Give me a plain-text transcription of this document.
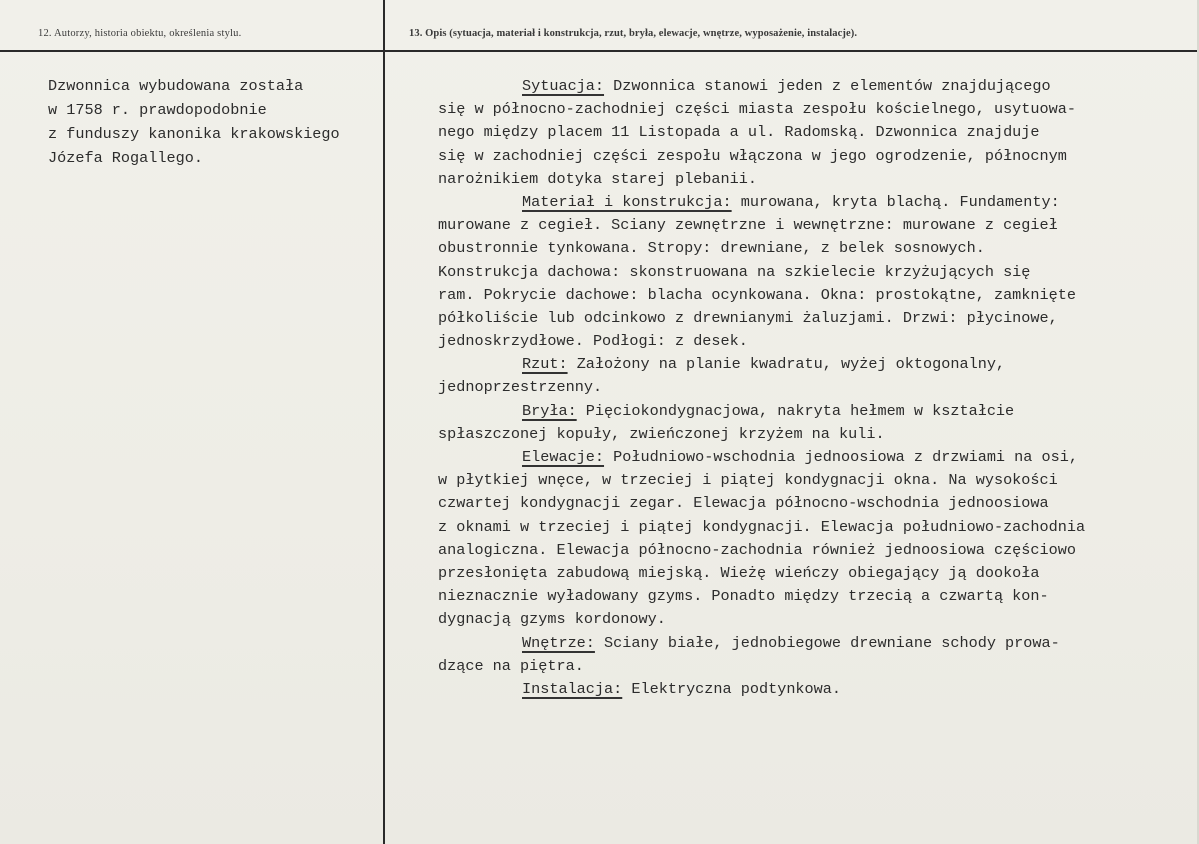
12. Autorzy, historia obiektu, określenia stylu.	13. Opis (sytuacja, materiał i konstrukcja, rzut, bryła, elewacje, wnętrze, wyposażenie, instalacje).
Dzwonnica wybudowana została
w 1758 r. prawdopodobnie
z funduszy kanonika krakowskiego
Józefa Rogallego.
Sytuacja: Dzwonnica stanowi jeden z elementów znajdującego
się w północno-zachodniej części miasta zespołu kościelnego, usytuowa-
nego między placem 11 Listopada a ul. Radomską. Dzwonnica znajduje
się w zachodniej części zespołu włączona w jego ogrodzenie, północnym
narożnikiem dotyka starej plebanii.
Materiał i konstrukcja: murowana, kryta blachą. Fundamenty:
murowane z cegieł. Sciany zewnętrzne i wewnętrzne: murowane z cegieł
obustronnie tynkowana. Stropy: drewniane, z belek sosnowych.
Konstrukcja dachowa: skonstruowana na szkielecie krzyżujących się
ram. Pokrycie dachowe: blacha ocynkowana. Okna: prostokątne, zamknięte
półkoliście lub odcinkowo z drewnianymi żaluzjami. Drzwi: płycinowe,
jednoskrzydłowe. Podłogi: z desek.
Rzut: Założony na planie kwadratu, wyżej oktogonalny,
jednoprzestrzenny.
Bryła: Pięciokondygnacjowa, nakryta hełmem w kształcie
spłaszczonej kopuły, zwieńczonej krzyżem na kuli.
Elewacje: Południowo-wschodnia jednoosiowa z drzwiami na osi,
w płytkiej wnęce, w trzeciej i piątej kondygnacji okna. Na wysokości
czwartej kondygnacji zegar. Elewacja północno-wschodnia jednoosiowa
z oknami w trzeciej i piątej kondygnacji. Elewacja południowo-zachodnia
analogiczna. Elewacja północno-zachodnia również jednoosiowa częściowo
przesłonięta zabudową miejską. Wieżę wieńczy obiegający ją dookoła
nieznacznie wyładowany gzyms. Ponadto między trzecią a czwartą kon-
dygnacją gzyms kordonowy.
Wnętrze: Sciany białe, jednobiegowe drewniane schody prowa-
dzące na piętra.
Instalacja: Elektryczna podtynkowa.
